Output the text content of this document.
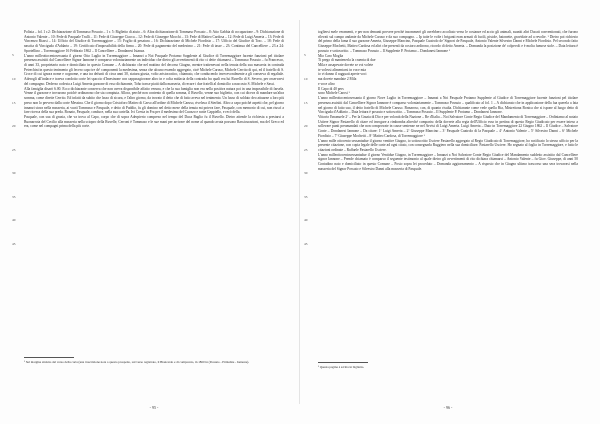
Polizia – fol. 1 r.2: Dichiarazione di Tommaso Possuto – 1 r. 5: Biglietto di aiuto – 6: Altra dichiarazione di Tommaso Possuto – 8: Atto Gabbia di occupazione – 9: Dichiarazione di Antonio Valente – 10: Fede di Pasquale Trulli – 11: Fede di Giuseppe Ciacca – 12: Fede di Giuseppe Mocchi – 13: Fede di Matteo Cardosa – 12: Fede di Luigi Amerta – 13: Fede di Vincenzo Riassi – 14: Ufficio del Giudice di Torremaggiore – 15: Foglio di pesatura – 16: Dichiarazione di Michele Fiordisio – 17: Ufficio del Giudice di Tosc. – 18: Fede di nascita di Vinciguda d'Addario – 19: Certificato d'impossibilità della firma – 20: Fede di pagamento del medesimo – 21: Fede di tasse – 23: Continua del Cancelliere – 23 a 24: Sportellino – Torremaggiore 16 Febbraio 1862 – Il Cancelliere – Dondanesi Istanza.

L'anno milleottocentosessanta il giorno Otto Luglio in Torremaggiore – Innanzi a Noi Pasquale Protamo Supplente al Giudice di Torremaggiore facente funzioni pel titolare presenza assistiti dal Cancelliere Signor Iannone è comparso volontariamente un individuo che dietro gli avvertimenti di rito ci dette chiamarsi – Tommaso Possuto – fu Francesco, di anni 33, proprietario nato e domiciliato in questo Comune – A dichiarato che nel mattino del decorso Giugno, mentre trattenevasi nella tenuta della sua masseria in contrada Petrechini in questo tenimento gli fecero capo tre de' componenti la medesima, senza che alcuno essendo aggregato, cioè Michele Caruso, Michele Cerrito di qui, ed il fratello di S. Croce di cui ignora nome e cognome, e una tra defunti di circa anni 30, statura giusta, volto aristocratico, chiamato, che conducendo invecevoralmente a gli conserva di regaltale. Aderogli all'indace e traeva condotto corte lei spaccio d'Imesinone con cappassgiovane altro in e colta midacia della contrada fra quali era lui Ruvello di S. Severo, per osservarvi del compagno. Dederso codesta a Luigi Amerta garzone di esso dichiarante, Toho trasse piatti dalla masseria, di recare i due fratelli al domicilio a nascosto S. Michele e Sassi.

Alla famiglia disarò 6.00. Ecco dichiarante conserva che non aveva disponibile affatto veruna, e che la sua famiglia non era nella positiva natura poi in una impossibile di farsela. Venne il garzone e trovarono poichè ordinarono che sia compiuta. Allora, perché non contento di quella somma, il Ruvello, venne suo biglietto, con cui diceva di mandare un'altra somma, come dirette Cerrito. Ed infatti da subito che lasso di sicura, e l'altro giorno, da trovato il detto che di fatto aveva nel tenimento. Un lusso di soldato deo attuarne a loro più preso non lo pervero dalla corte Messina. Che il giorno dopo Cristoforo Matteo di Carso all'ordine di Michele Caruso, rivelava il Sterlini. Altro a capo poiché aspetti che, pel giorno innanzi stava nella masseria, ai vuoti Tommaso e Pasquale, e detto di Puddio, fu gli domino nel detto mese della tenuta mi poteva fare, Pasquale, con memorio di cui, non riuscì a fare ricerca della sua preda. Bonato, Pasquale, conduce, nella sua cartella. Ivi Cresta in Fra per il medesimo del Cuozzo e notte Cappiello, e recò della.

Pasquale, con sua di grazia, che va trova al Capo, corpo che di sopra Aderpierto compreso nel tempo del Duca Baglio fu il Ruvello. Dietro attende la richiesta a prestarsi a Buonarrota del Cecilio alla masseria nella sciopro della Ruvelle, Cerroni è Tommaso e le sue mani per arrivare del nome al quando avuta possono Rassicurazioni, ma del Greco ed era, come nel compagni prima della più corte.

5
10
15
20
25
30
35
40
45
¹ Sul margine sinistro del verso della carta (una trascrizione nota a questo prospetto, sul verso registrato, il Biancardo e di compronto, in 1860 in (Possuto - Pitinalize - Iannone).
- 95 -

togliersi mele veramenti, e per non demanti provere perchè insommerò gli avrebbero accoltato verso le costanze ed accio gli animali, suaniti altri Ducati conventionati, che furono rilevati sul campo andante da Michele Caruso e da suo compagno. – Ip tutte le volte i briganti eran armati di fucili, pistole, baionette, gravidate ad a revolte. ¹ Dietro poi richiesto del primo della fama il suo garzone Amerta, Giuseppe Mancino, Pasquale Cuatrolo de' Signori de Pasquale, Antonio Valente Silvestro Danni e Michele Fiordisio. Pel secondo fatto Giuseppe Mochetti, Matteo Cardosa ed altri che presentì da costoro ardirono, ricordo di detto Amerta. – Domanda la posizione de' colpevoli e è molta fumose stole. – Data lettura è possuto e sottoscritto. – Tommaso Possuto – Il Supplente P. Protamo – Dondanesi Iannone ¹

Mio Caro Moglia

Ti prego di mantenerla la cruenta di due

Mila e assapevate dovete se voi volete

te volessi alimentarsi in voce mia

io vi danno il ragguati aperte voci

ma dovete mandate 2 Mila

e voce altro

Il Capo di 40 pers

sono Michele Carosi ¹

L'anno milleottocentosessanta il giorno Nove Luglio in Torremaggiore – Innanzi a Noi Pasquale Protamo Supplente al Giudice di Torremaggiore facente funzioni pel titolare presenza assistiti dal Cancelliere Signor Iannone è comparso volontariamente – Tommaso Possuto – qualificato al fol. 1 – A dichiarato che in applicazione della fua querela a fata nel giorno di fatto suo, il detto fratello di Michele Caruso. Bonaroso, con, di quanto risulta. Dichiarante come vede quella Ria, Mistrettona Bonica che si ispone al luogo detto di Vinciguda d'Addario – Data lettura è possuto e sottoscritto. – Tommaso Possuto – Il Supplente P. Protamo – Dondanesi Iannone.

Vittorio Emanuele 2º – Per la Grazia di Dio e per volontà della Nazione – Re d'Italia – Noi Salvatore Conte Regio Giudice del Mandamento di Torremaggiore – Ordiniamo al notaio Ustiere Signor Pastarello di citare ed invogare a rimbomba altreché comparisc della dovrete alla regia dell'Ufficio esso in pretina di questo Regio Giudicato per essere inteso a sollevare punti preamandati che non comprovate in cause sentenze ne nel Avvisi di Luigi Amerta. Luigi Amerta – Dato in Torremaggiore 22 Giugno 1862 – Il Giudice – Salvatore Conte – Dondanesi Iannone – Da citare: 1º Luigi Amerta – 2º Giuseppe Mancino – 3º Pasquale Cuatrolo di la Pasquale – 4º Antonio Valente – 5º Silvestro Danni – 6º Michele Fiordisio – 7º Giuseppe Mochetti – 8º Matteo Cardosa, di Torremaggiore ¹

L'anno mille ottocento sessantadue il giorno ventitre Giugno, io sottoscritto Usciere Pastarello aggregato al Regio Giudicato di Torremaggiore, ho notificato lo stesso ufficio per la presente citazione, con copia legale delle carte ad ogni citato, con consegnarla Ruggiero nella sua domiciliare. Pastarello Usciere. Ho segnato al foglio in Torremaggiore, e fatto le citazioni ordinate – Raffaele Pastarello Usciere.

L'anno milleottocentosessantadue il giorno Ventidue Giugno, in Torremaggiore – Innanzi a Noi Salvatore Conte Regio Giudice del Mandamento suddetto assistito dal Cancelliere signor Iannone – Prende chiamato è comparso il seguente testimonio al quale dietro gli avvertimenti di rito dichiara chiamarsi – Antonio Valente – fu Giov. Giuseppe, di anni 50 Contadino nato e domiciliato in questo Comune – Posto sopra lei proceduto – Domanda aggiornamento – A risposto che in Giugno ultimo trascorso una sera trovavasi nella masseria del Signor Possuto e Silvestro Danni alla masseria di Pasquale.

5
10
15
20
25
30
35
40
45
¹ Questa pagina è scritta in biglietto.
- 96 -
